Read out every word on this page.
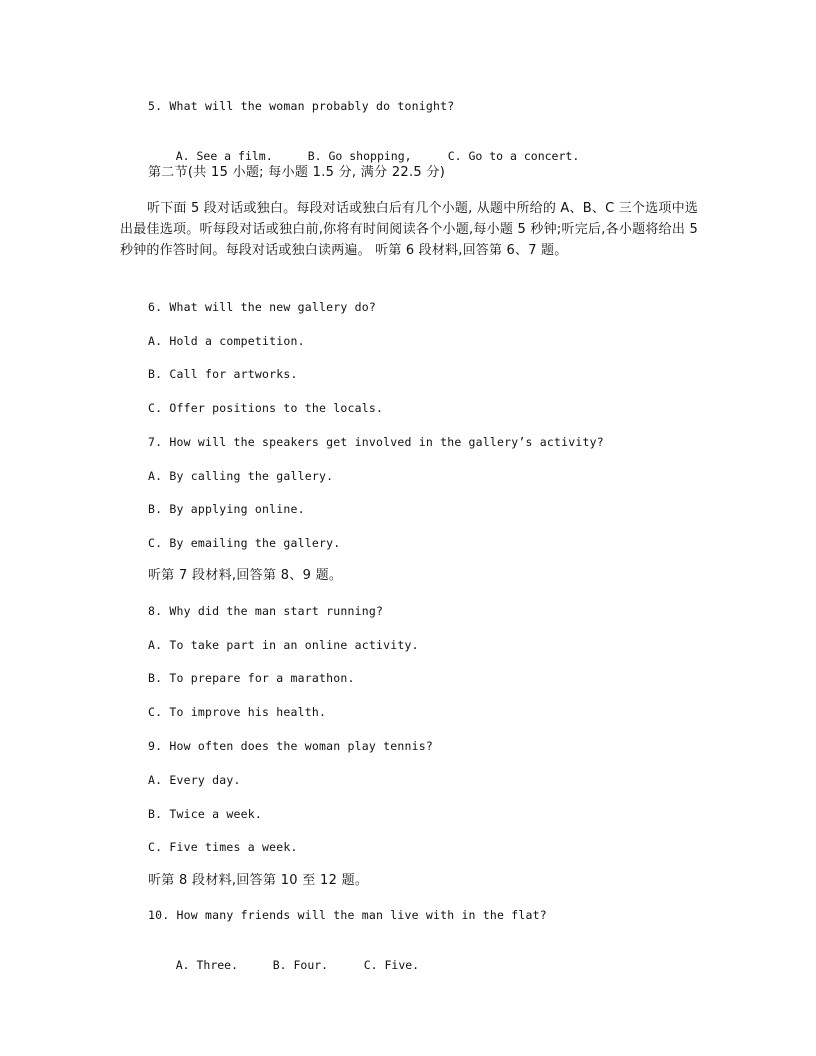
5. What will the woman probably do tonight?

A. See a film.	B. Go shopping,	C. Go to a concert.

第二节(共 15 小题; 每小题 1.5 分, 满分 22.5 分)
听下面 5 段对话或独白。每段对话或独白后有几个小题, 从题中所给的 A、B、C 三个选项中选出最佳选项。听每段对话或独白前,你将有时间阅读各个小题,每小题 5 秒钟;听完后,各小题将给出 5 秒钟的作答时间。每段对话或独白读两遍。 听第 6 段材料,回答第 6、7 题。
6. What will the new gallery do?
A. Hold a competition.
B. Call for artworks.
C. Offer positions to the locals.
7. How will the speakers get involved in the gallery’s activity?
A. By calling the gallery.
B. By applying online.
C. By emailing the gallery.
听第 7 段材料,回答第 8、9 题。
8. Why did the man start running?
A. To take part in an online activity.
B. To prepare for a marathon.
C. To improve his health.
9. How often does the woman play tennis?
A. Every day.
B. Twice a week.
C. Five times a week.
听第 8 段材料,回答第 10 至 12 题。
10. How many friends will the man live with in the flat?

A. Three.	B. Four.	C. Five.
